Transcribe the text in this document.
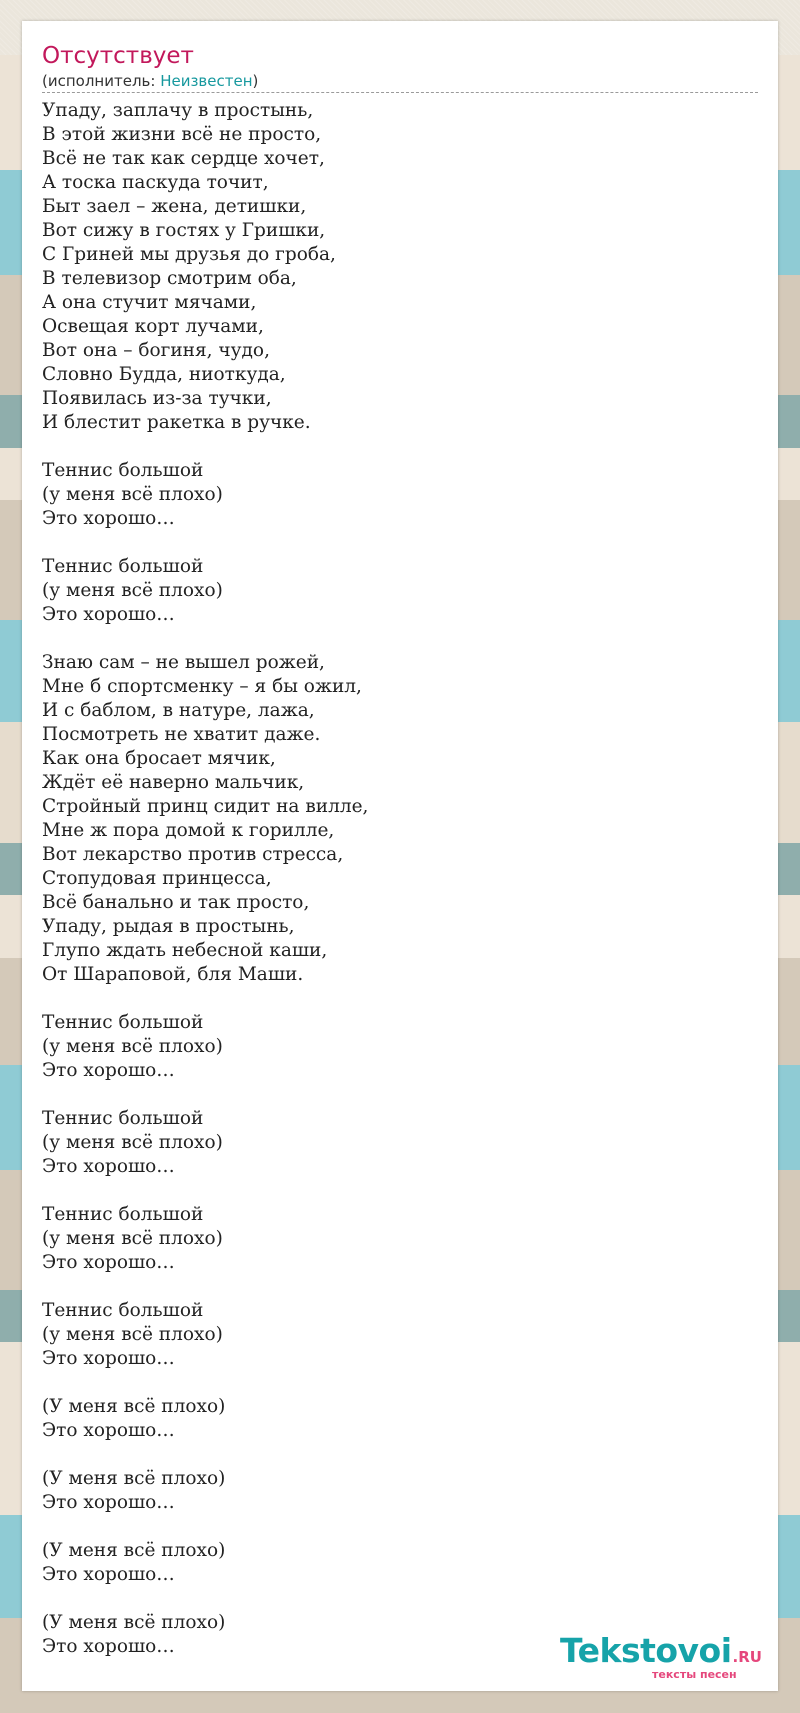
Отсутствует
(исполнитель: Неизвестен)
Упаду, заплачу в простынь,
В этой жизни всё не просто,
Всё не так как сердце хочет,
А тоска паскуда точит,
Быт заел – жена, детишки,
Вот сижу в гостях у Гришки,
С Гриней мы друзья до гроба,
В телевизор смотрим оба,
А она стучит мячами,
Освещая корт лучами,
Вот она – богиня, чудо,
Словно Будда, ниоткуда,
Появилась из-за тучки,
И блестит ракетка в ручке.

Теннис большой
(у меня всё плохо)
Это хорошо…

Теннис большой
(у меня всё плохо)
Это хорошо…

Знаю сам – не вышел рожей,
Мне б спортсменку – я бы ожил,
И с баблом, в натуре, лажа,
Посмотреть не хватит даже.
Как она бросает мячик,
Ждёт её наверно мальчик,
Стройный принц сидит на вилле,
Мне ж пора домой к горилле,
Вот лекарство против стресса,
Стопудовая принцесса,
Всё банально и так просто,
Упаду, рыдая в простынь,
Глупо ждать небесной каши,
От Шараповой, бля Маши.

Теннис большой
(у меня всё плохо)
Это хорошо…

Теннис большой
(у меня всё плохо)
Это хорошо…

Теннис большой
(у меня всё плохо)
Это хорошо…

Теннис большой
(у меня всё плохо)
Это хорошо…

(У меня всё плохо)
Это хорошо…

(У меня всё плохо)
Это хорошо…

(У меня всё плохо)
Это хорошо…

(У меня всё плохо)
Это хорошо…	Tekstovoi.RU
тексты песен
